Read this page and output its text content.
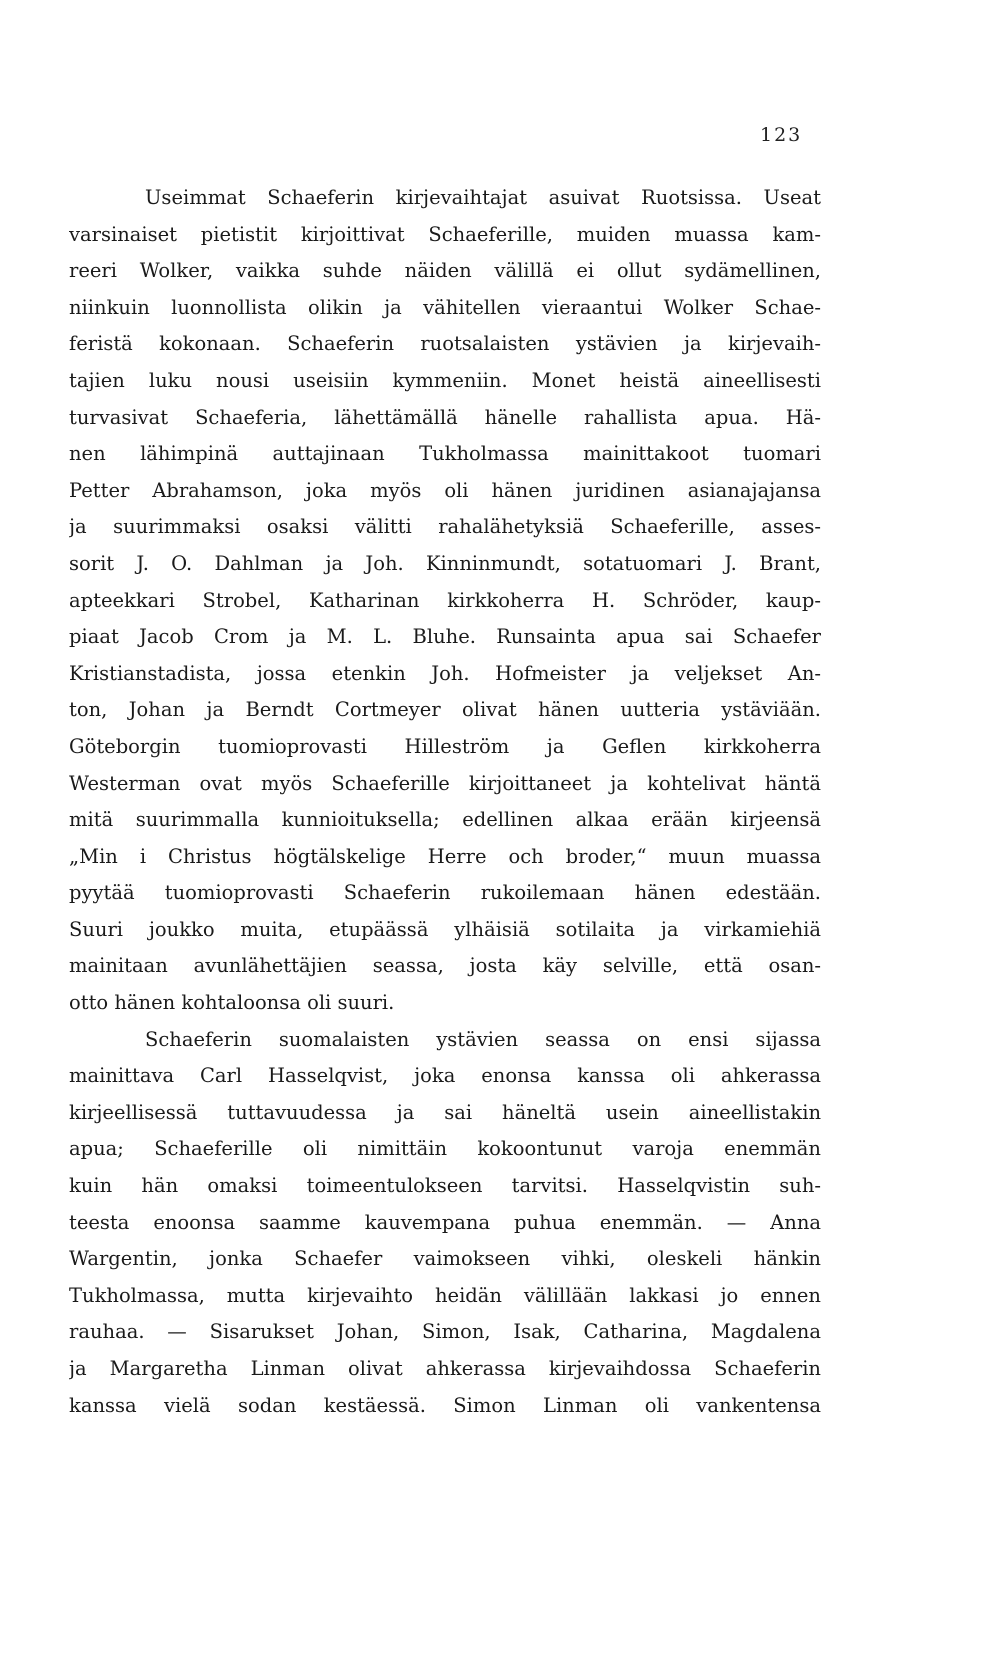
123
Useimmat Schaeferin kirjevaihtajat asuivat Ruotsissa. Useat
varsinaiset pietistit kirjoittivat Schaeferille, muiden muassa kam-
reeri Wolker, vaikka suhde näiden välillä ei ollut sydämellinen,
niinkuin luonnollista olikin ja vähitellen vieraantui Wolker Schae-
feristä kokonaan. Schaeferin ruotsalaisten ystävien ja kirjevaih-
tajien luku nousi useisiin kymmeniin. Monet heistä aineellisesti
turvasivat Schaeferia, lähettämällä hänelle rahallista apua. Hä-
nen lähimpinä auttajinaan Tukholmassa mainittakoot tuomari
Petter Abrahamson, joka myös oli hänen juridinen asianajajansa
ja suurimmaksi osaksi välitti rahalähetyksiä Schaeferille, asses-
sorit J. O. Dahlman ja Joh. Kinninmundt, sotatuomari J. Brant,
apteekkari Strobel, Katharinan kirkkoherra H. Schröder, kaup-
piaat Jacob Crom ja M. L. Bluhe. Runsainta apua sai Schaefer
Kristianstadista, jossa etenkin Joh. Hofmeister ja veljekset An-
ton, Johan ja Berndt Cortmeyer olivat hänen uutteria ystäviään.
Göteborgin tuomioprovasti Hilleström ja Geflen kirkkoherra
Westerman ovat myös Schaeferille kirjoittaneet ja kohtelivat häntä
mitä suurimmalla kunnioituksella; edellinen alkaa erään kirjeensä
„Min i Christus högtälskelige Herre och broder,“ muun muassa
pyytää tuomioprovasti Schaeferin rukoilemaan hänen edestään.
Suuri joukko muita, etupäässä ylhäisiä sotilaita ja virkamiehiä
mainitaan avunlähettäjien seassa, josta käy selville, että osan-
otto hänen kohtaloonsa oli suuri.
Schaeferin suomalaisten ystävien seassa on ensi sijassa
mainittava Carl Hasselqvist, joka enonsa kanssa oli ahkerassa
kirjeellisessä tuttavuudessa ja sai häneltä usein aineellistakin
apua; Schaeferille oli nimittäin kokoontunut varoja enemmän
kuin hän omaksi toimeentulokseen tarvitsi. Hasselqvistin suh-
teesta enoonsa saamme kauvempana puhua enemmän. — Anna
Wargentin, jonka Schaefer vaimokseen vihki, oleskeli hänkin
Tukholmassa, mutta kirjevaihto heidän välillään lakkasi jo ennen
rauhaa. — Sisarukset Johan, Simon, Isak, Catharina, Magdalena
ja Margaretha Linman olivat ahkerassa kirjevaihdossa Schaeferin
kanssa vielä sodan kestäessä. Simon Linman oli vankentensa
